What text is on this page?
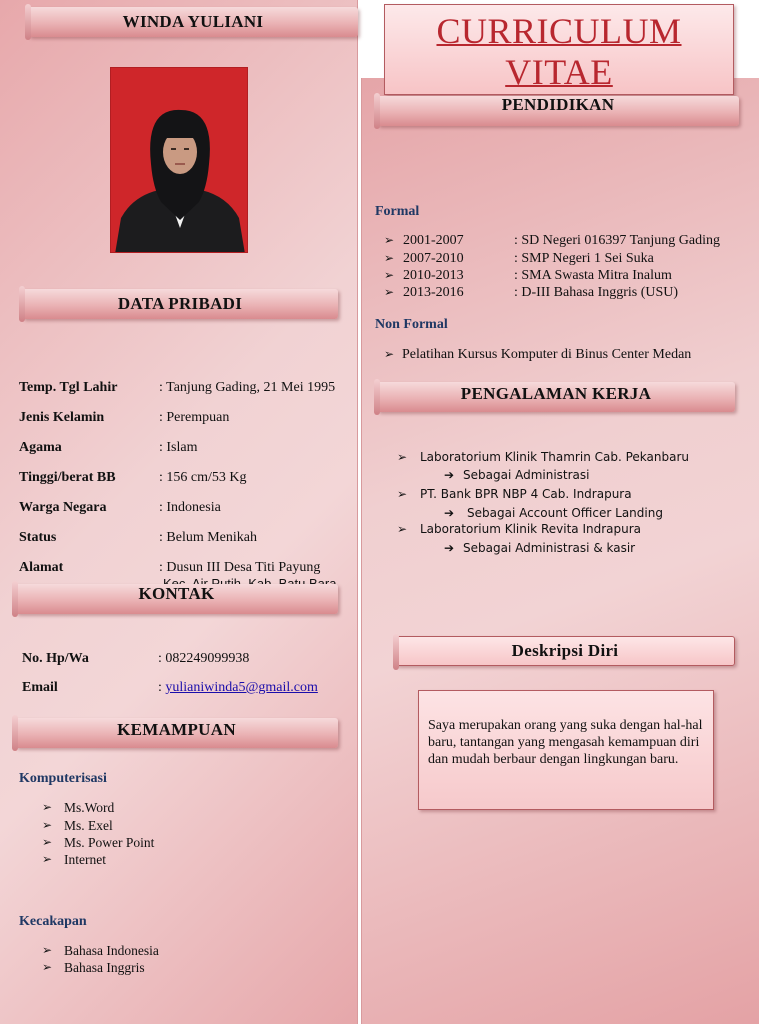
WINDA YULIANI	CURRICULUM
VITAE
DATA PRIBADI
Temp. Tgl Lahir	: Tanjung Gading, 21 Mei 1995
Jenis Kelamin	: Perempuan
Agama	: Islam
Tinggi/berat BB	: 156 cm/53 Kg
Warga Negara	: Indonesia
Status	: Belum Menikah
Alamat	: Dusun III Desa Titi Payung
KONTAK
No. Hp/Wa	: 082249099938
Email	: yulianiwinda5@gmail.com
KEMAMPUAN
Komputerisasi
➢ Ms.Word
➢ Ms. Exel
➢ Ms. Power Point
➢ Internet
Kecakapan
➢ Bahasa Indonesia
➢ Bahasa Inggris
PENDIDIKAN
Formal
➢ 2001-2007	: SD Negeri 016397 Tanjung Gading
➢ 2007-2010	: SMP Negeri 1 Sei Suka
➢ 2010-2013	: SMA Swasta Mitra Inalum
➢ 2013-2016	: D-III Bahasa Inggris (USU)
Non Formal
➢ Pelatihan Kursus Komputer di Binus Center Medan
PENGALAMAN KERJA
➢ Laboratorium Klinik Thamrin Cab. Pekanbaru
➔ Sebagai Administrasi
➢ PT. Bank BPR NBP 4 Cab. Indrapura
➔ Sebagai Account Officer Landing
➢ Laboratorium Klinik Revita Indrapura
➔ Sebagai Administrasi & kasir
Deskripsi Diri
Saya merupakan orang yang suka dengan hal-hal baru, tantangan yang mengasah kemampuan diri dan mudah berbaur dengan lingkungan baru.
